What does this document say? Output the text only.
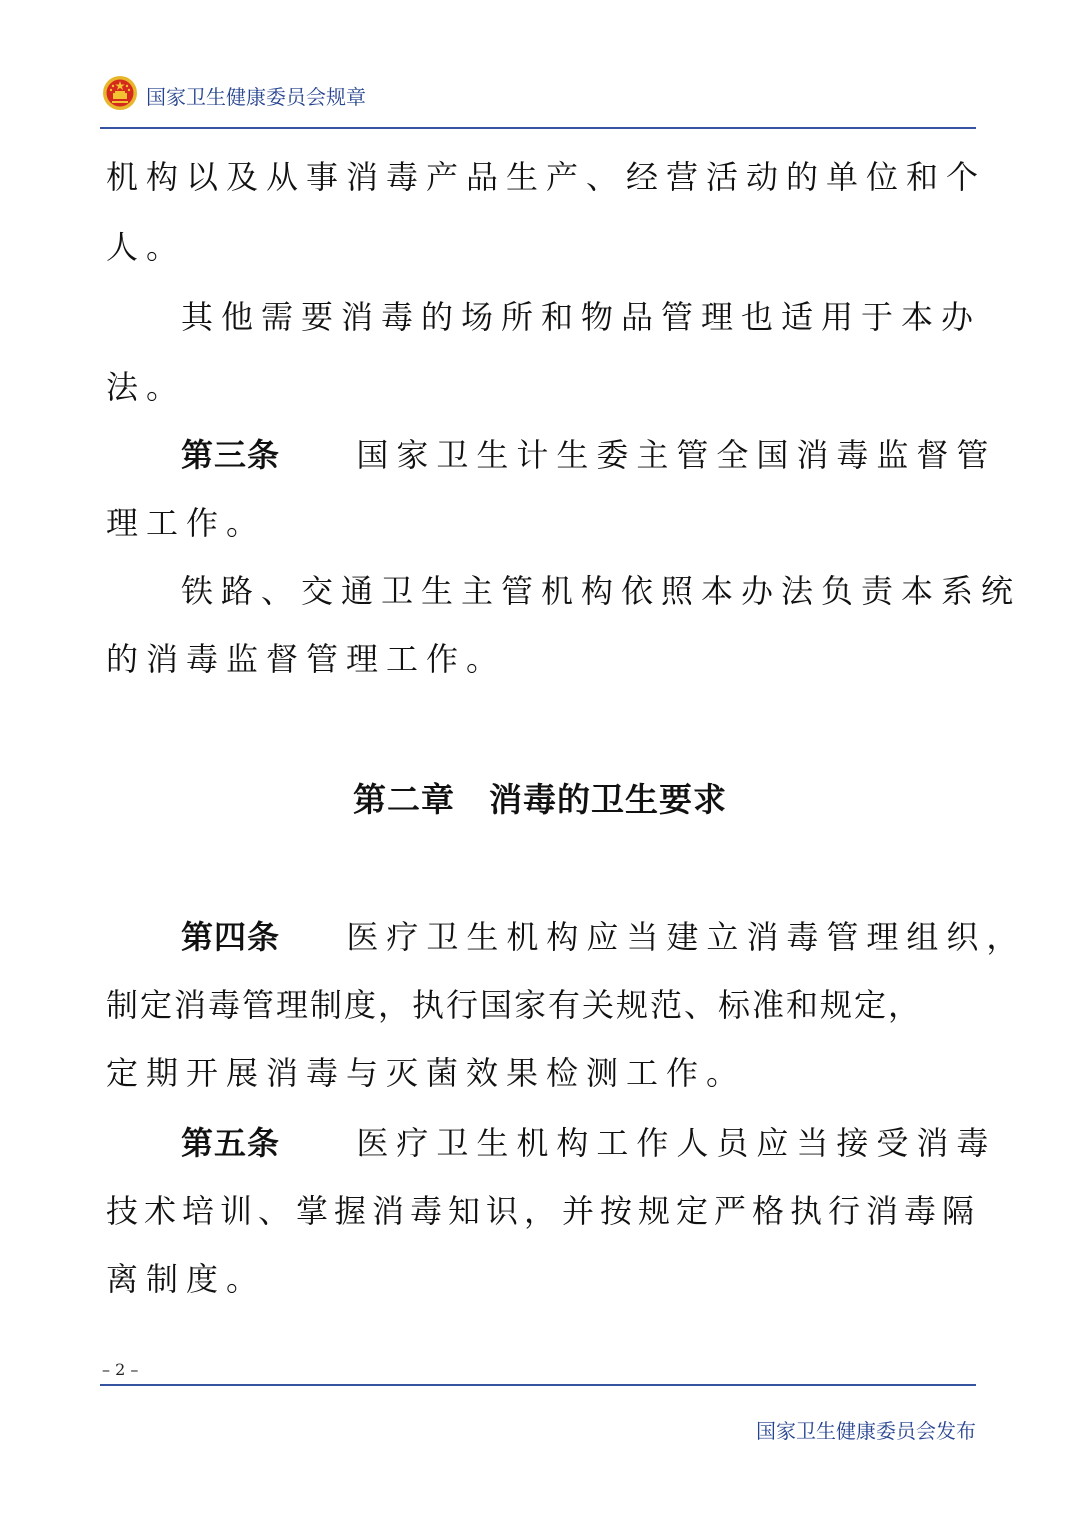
国家卫生健康委员会规章
机构以及从事消毒产品生产、经营活动的单位和个
人。
其他需要消毒的场所和物品管理也适用于本办
法。
第三条 国家卫生计生委主管全国消毒监督管
理工作。
铁路、交通卫生主管机构依照本办法负责本系统
的消毒监督管理工作。
第二章　消毒的卫生要求
第四条 医疗卫生机构应当建立消毒管理组织，
制定消毒管理制度，执行国家有关规范、标准和规定，
定期开展消毒与灭菌效果检测工作。
第五条 医疗卫生机构工作人员应当接受消毒
技术培训、掌握消毒知识，并按规定严格执行消毒隔
离制度。
– 2 –
国家卫生健康委员会发布
